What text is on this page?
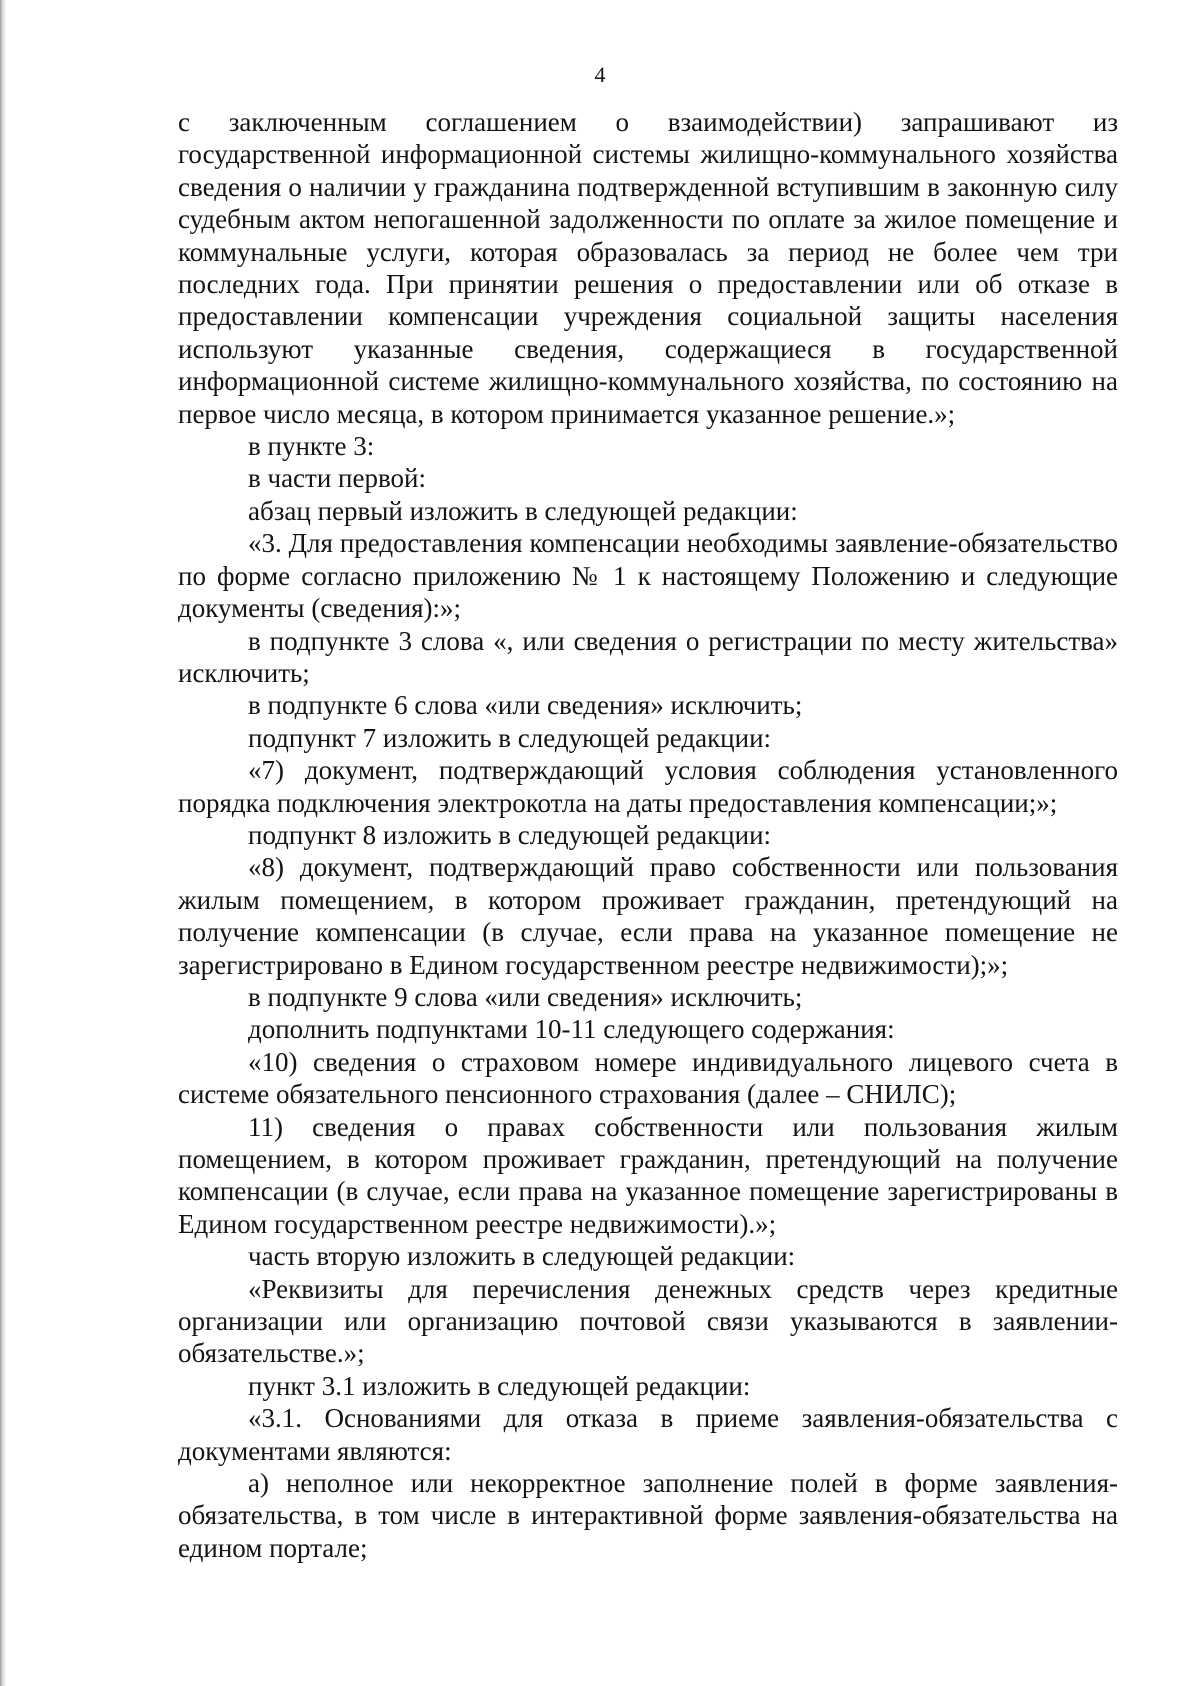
4

с заключенным соглашением о взаимодействии) запрашивают из государственной информационной системы жилищно-коммунального хозяйства сведения о наличии у гражданина подтвержденной вступившим в законную силу судебным актом непогашенной задолженности по оплате за жилое помещение и коммунальные услуги, которая образовалась за период не более чем три последних года. При принятии решения о предоставлении или об отказе в предоставлении компенсации учреждения социальной защиты населения используют указанные сведения, содержащиеся в государственной информационной системе жилищно-коммунального хозяйства, по состоянию на первое число месяца, в котором принимается указанное решение.»;

в пункте 3:

в части первой:

абзац первый изложить в следующей редакции:

«3. Для предоставления компенсации необходимы заявление-обязательство по форме согласно приложению № 1 к настоящему Положению и следующие документы (сведения):»;

в подпункте 3 слова «, или сведения о регистрации по месту жительства» исключить;

в подпункте 6 слова «или сведения» исключить;

подпункт 7 изложить в следующей редакции:

«7) документ, подтверждающий условия соблюдения установленного порядка подключения электрокотла на даты предоставления компенсации;»;

подпункт 8 изложить в следующей редакции:

«8) документ, подтверждающий право собственности или пользования жилым помещением, в котором проживает гражданин, претендующий на получение компенсации (в случае, если права на указанное помещение не зарегистрировано в Едином государственном реестре недвижимости);»;

в подпункте 9 слова «или сведения» исключить;

дополнить подпунктами 10-11 следующего содержания:

«10) сведения о страховом номере индивидуального лицевого счета в системе обязательного пенсионного страхования (далее – СНИЛС);

11) сведения о правах собственности или пользования жилым помещением, в котором проживает гражданин, претендующий на получение компенсации (в случае, если права на указанное помещение зарегистрированы в Едином государственном реестре недвижимости).»;

часть вторую изложить в следующей редакции:

«Реквизиты для перечисления денежных средств через кредитные организации или организацию почтовой связи указываются в заявлении-обязательстве.»;

пункт 3.1 изложить в следующей редакции:

«3.1. Основаниями для отказа в приеме заявления-обязательства с документами являются:

а) неполное или некорректное заполнение полей в форме заявления-обязательства, в том числе в интерактивной форме заявления-обязательства на едином портале;
